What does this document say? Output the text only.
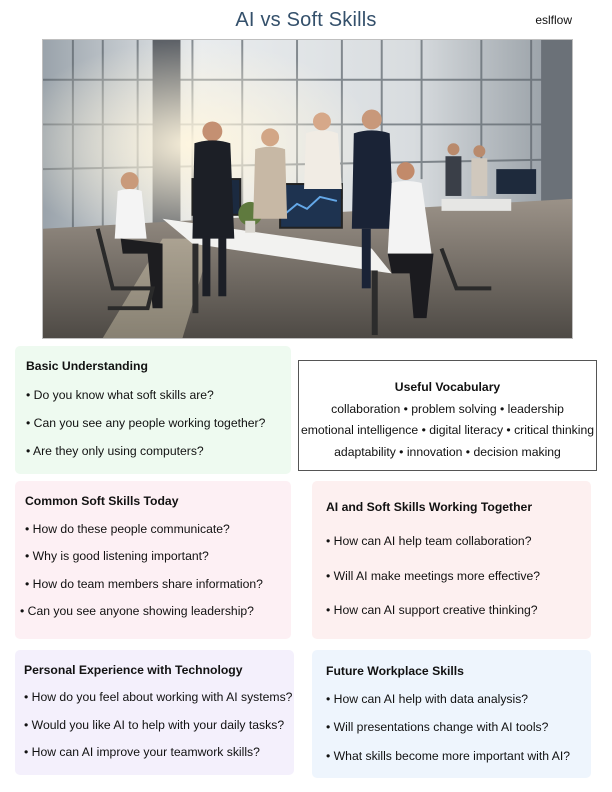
AI vs Soft Skills	eslflow
Basic Understanding
• Do you know what soft skills are?
• Can you see any people working together?
• Are they only using computers?
Useful Vocabulary
collaboration • problem solving • leadership
emotional intelligence • digital literacy • critical thinking
adaptability • innovation • decision making
Common Soft Skills Today
• How do these people communicate?
• Why is good listening important?
• How do team members share information?
• Can you see anyone showing leadership?
AI and Soft Skills Working Together
• How can AI help team collaboration?
• Will AI make meetings more effective?
• How can AI support creative thinking?
Personal Experience with Technology
• How do you feel about working with AI systems?
• Would you like AI to help with your daily tasks?
• How can AI improve your teamwork skills?
Future Workplace Skills
• How can AI help with data analysis?
• Will presentations change with AI tools?
• What skills become more important with AI?
